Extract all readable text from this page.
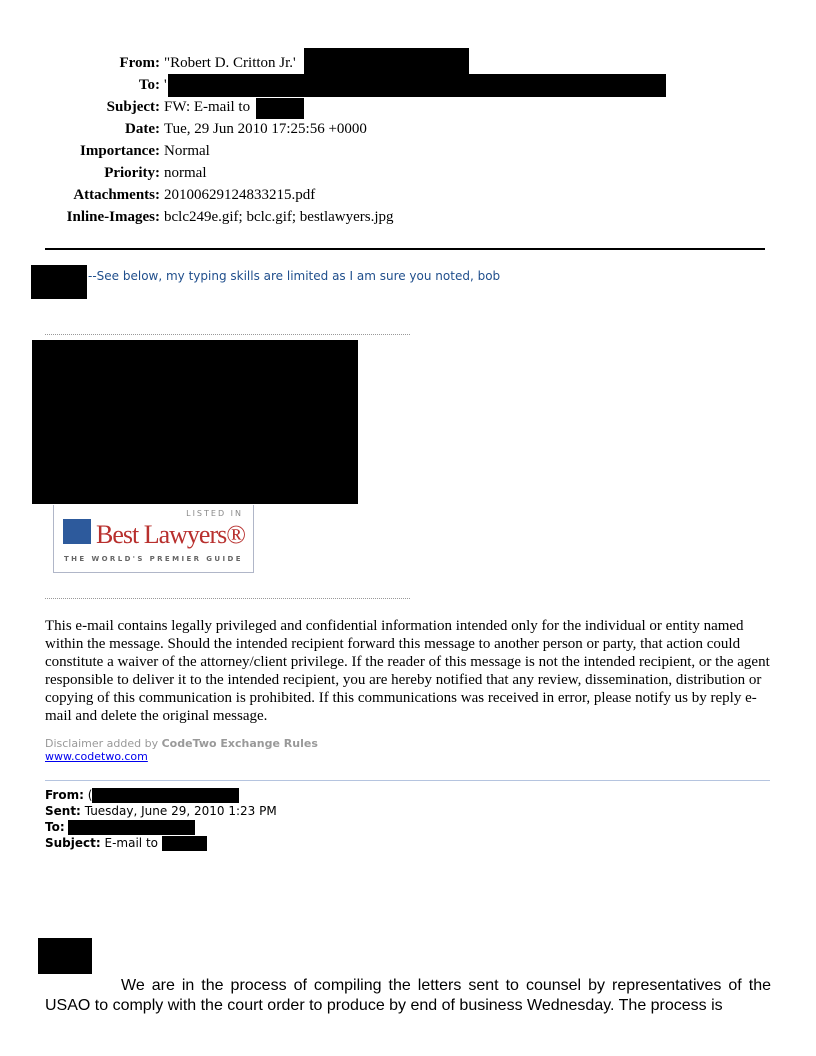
From: "Robert D. Critton Jr.'
To: '
Subject: FW: E-mail to
Date: Tue, 29 Jun 2010 17:25:56 +0000
Importance: Normal
Priority: normal
Attachments: 20100629124833215.pdf
Inline-Images: bclc249e.gif; bclc.gif; bestlawyers.jpg
--See below, my typing skills are limited as I am sure you noted, bob
LISTED IN
Best Lawyers®
THE WORLD'S PREMIER GUIDE
This e-mail contains legally privileged and confidential information intended only for the individual or entity named within the message. Should the intended recipient forward this message to another person or party, that action could constitute a waiver of the attorney/client privilege. If the reader of this message is not the intended recipient, or the agent responsible to deliver it to the intended recipient, you are hereby notified that any review, dissemination, distribution or copying of this communication is prohibited. If this communications was received in error, please notify us by reply e-mail and delete the original message.
Disclaimer added by CodeTwo Exchange Rules
www.codetwo.com
From: (
Sent: Tuesday, June 29, 2010 1:23 PM
To:
Subject: E-mail to
We are in the process of compiling the letters sent to counsel by representatives of the USAO to comply with the court order to produce by end of business Wednesday. The process is
